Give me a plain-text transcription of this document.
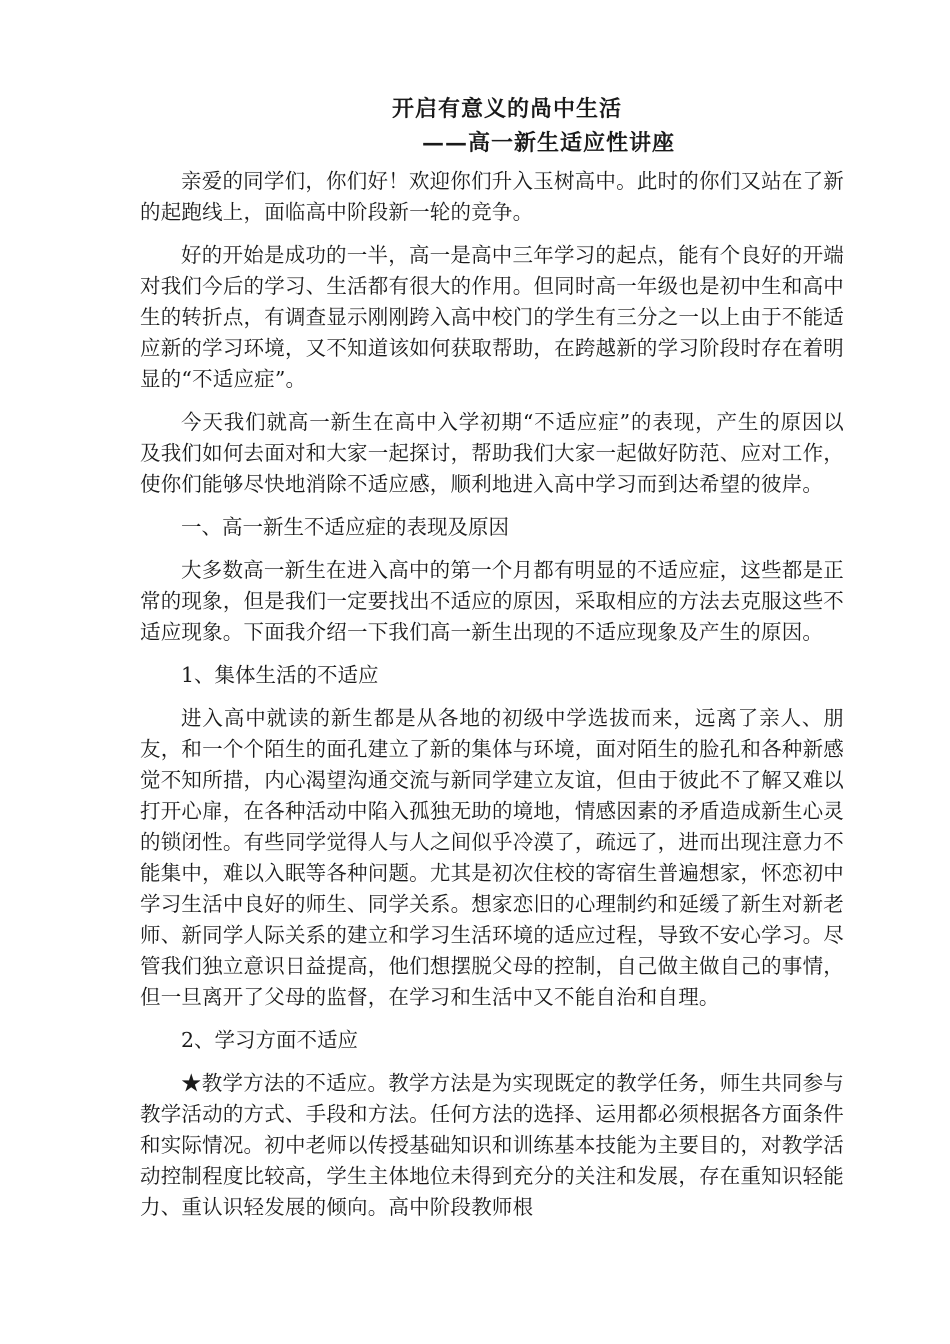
开启有意义的咼中生活
——高一新生适应性讲座

亲爱的同学们，你们好！欢迎你们升入玉树高中。此时的你们又站在了新的起跑线上，面临高中阶段新一轮的竞争。

好的开始是成功的一半，高一是高中三年学习的起点，能有个良好的开端对我们今后的学习、生活都有很大的作用。但同时高一年级也是初中生和高中生的转折点，有调查显示刚刚跨入高中校门的学生有三分之一以上由于不能适应新的学习环境，又不知道该如何获取帮助，在跨越新的学习阶段时存在着明显的“不适应症”。

今天我们就高一新生在高中入学初期“不适应症”的表现，产生的原因以及我们如何去面对和大家一起探讨，帮助我们大家一起做好防范、应对工作，使你们能够尽快地消除不适应感，顺利地进入高中学习而到达希望的彼岸。

一、高一新生不适应症的表现及原因

大多数高一新生在进入高中的第一个月都有明显的不适应症，这些都是正常的现象，但是我们一定要找出不适应的原因，采取相应的方法去克服这些不适应现象。下面我介绍一下我们高一新生出现的不适应现象及产生的原因。

1、集体生活的不适应

进入高中就读的新生都是从各地的初级中学选拔而来，远离了亲人、朋友，和一个个陌生的面孔建立了新的集体与环境，面对陌生的脸孔和各种新感觉不知所措，内心渴望沟通交流与新同学建立友谊，但由于彼此不了解又难以打开心扉，在各种活动中陷入孤独无助的境地，情感因素的矛盾造成新生心灵的锁闭性。有些同学觉得人与人之间似乎冷漠了，疏远了，进而出现注意力不能集中，难以入眠等各种问题。尤其是初次住校的寄宿生普遍想家，怀恋初中学习生活中良好的师生、同学关系。想家恋旧的心理制约和延缓了新生对新老师、新同学人际关系的建立和学习生活环境的适应过程，导致不安心学习。尽管我们独立意识日益提高，他们想摆脱父母的控制，自己做主做自己的事情，但一旦离开了父母的监督，在学习和生活中又不能自治和自理。

2、学习方面不适应

★教学方法的不适应。教学方法是为实现既定的教学任务，师生共同参与教学活动的方式、手段和方法。任何方法的选择、运用都必须根据各方面条件和实际情况。初中老师以传授基础知识和训练基本技能为主要目的，对教学活动控制程度比较高，学生主体地位未得到充分的关注和发展，存在重知识轻能力、重认识轻发展的倾向。高中阶段教师根
